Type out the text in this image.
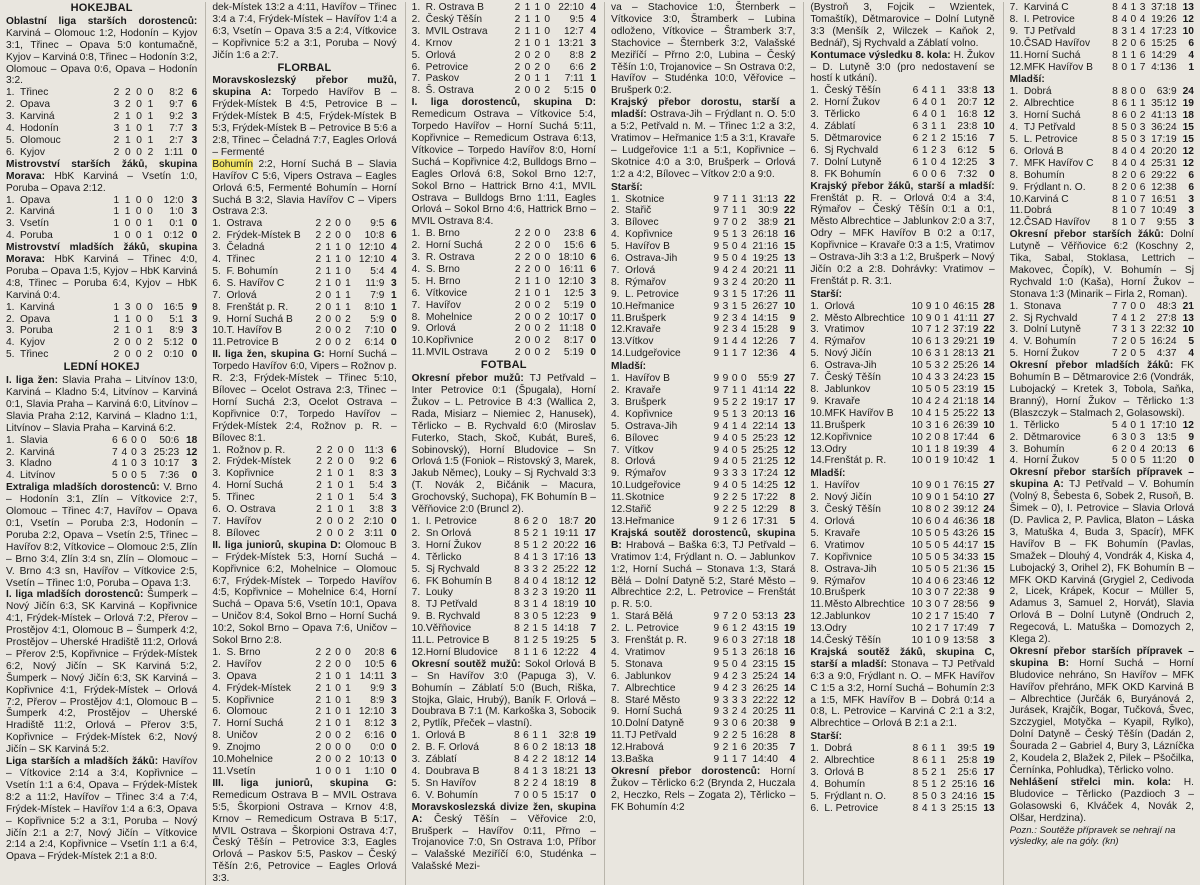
HOKEJBAL

Oblastní liga starších dorostenců: Karviná – Olomouc 1:2, Hodonín – Kyjov 3:1, Třinec – Opava 5:0 kontumačně, Kyjov – Karviná 0:8, Třinec – Hodonín 3:2, Olomouc – Opava 0:6, Opava – Hodonín 3:2.

1.	Třinec	2	2	0	0	8:2	6
2.	Opava	3	2	0	1	9:7	6
3.	Karviná	2	1	0	1	9:2	3
4.	Hodonín	3	1	0	1	7:7	3
5.	Olomouc	2	1	0	1	2:7	3
6.	Kyjov	2	0	0	2	1:11	0

Mistrovství starších žáků, skupina Morava: HbK Karviná – Vsetín 1:0, Poruba – Opava 2:12.

1.	Opava	1	1	0	0	12:0	3
2.	Karviná	1	1	0	0	1:0	3
3.	Vsetín	1	0	0	1	0:1	0
4.	Poruba	1	0	0	1	0:12	0

Mistrovství mladších žáků, skupina Morava: HbK Karviná – Třinec 4:0, Poruba – Opava 1:5, Kyjov – HbK Karviná 4:8, Třinec – Poruba 6:4, Kyjov – HbK Karviná 0:4.

1.	Karviná	1	3	0	0	16:5	9
2.	Opava	1	1	0	0	5:1	3
3.	Poruba	2	1	0	1	8:9	3
4.	Kyjov	2	0	0	2	5:12	0
5.	Třinec	2	0	0	2	0:10	0
LEDNÍ HOKEJ

I. liga žen: Slavia Praha – Litvínov 13:0, Karviná – Kladno 5:4, Litvínov – Karviná 0:1, Slavia Praha – Karviná 6:0, Litvínov – Slavia Praha 2:12, Karviná – Kladno 1:1, Litvínov – Slavia Praha – Karviná 6:2.

1.	Slavia	6	6	0	0	50:6	18
2.	Karviná	7	4	0	3	25:23	12
3.	Kladno	4	1	0	3	10:17	3
4.	Litvínov	5	0	0	5	7:36	0

Extraliga mladších dorostenců: V. Brno – Hodonín 3:1, Zlín – Vítkovice 2:7, Olomouc – Třinec 4:7, Havířov – Opava 0:1, Vsetín – Poruba 2:3, Hodonín – Poruba 2:2, Opava – Vsetín 2:5, Třinec – Havířov 8:2, Vítkovice – Olomouc 2:5, Zlín – Brno 3:4, Zlín 3:4 sn, Zlín – Olomouc – V. Brno 4:3 sn, Havířov – Vítkovice 2:5, Vsetín – Třinec 1:0, Poruba – Opava 1:3.

I. liga mladších dorostenců: Šumperk – Nový Jičín 6:3, SK Karviná – Kopřivnice 4:1, Frýdek-Místek – Orlová 7:2, Přerov – Prostějov 4:1, Olomouc B – Šumperk 4:2, Prostějov – Uherské Hradiště 11:2, Orlová – Přerov 2:5, Kopřivnice – Frýdek-Místek 6:2, Nový Jičín – SK Karviná 5:2, Šumperk – Nový Jičín 6:3, SK Karviná – Kopřivnice 4:1, Frýdek-Místek – Orlová 7:2, Přerov – Prostějov 4:1, Olomouc B – Šumperk 4:2, Prostějov – Uherské Hradiště 11:2, Orlová – Přerov 3:5, Kopřivnice – Frýdek-Místek 6:2, Nový Jičín – SK Karviná 5:2.

Liga starších a mladších žáků: Havířov – Vítkovice 2:14 a 3:4, Kopřivnice – Vsetín 1:1 a 6:4, Opava – Frýdek-Místek 8:2 a 11:2, Havířov – Třinec 3:4 a 7:4, Frýdek-Místek – Havířov 1:4 a 6:3, Opava – Kopřivnice 5:2 a 3:1, Poruba – Nový Jičín 2:1 a 2:7, Nový Jičín – Vítkovice 2:14 a 2:4, Kopřivnice – Vsetín 1:1 a 6:4, Opava – Frýdek-Místek 2:1 a 8:0.

dek-Místek 13:2 a 4:11, Havířov – Třinec 3:4 a 7:4, Frýdek-Místek – Havířov 1:4 a 6:3, Vsetín – Opava 3:5 a 2:4, Vítkovice – Kopřivnice 5:2 a 3:1, Poruba – Nový Jičín 1:6 a 2:7.

FLORBAL

Moravskoslezský přebor mužů, skupina A: Torpedo Havířov B – Frýdek-Místek B 4:5, Petrovice B – Frýdek-Místek B 4:5, Frýdek-Místek B 5:3, Frýdek-Místek B – Petrovice B 5:6 a 2:8, Třinec – Čeladná 7:7, Eagles Orlová – Fermenté

Bohumín 2:2, Horní Suchá B – Slavia Havířov C 5:6, Vipers Ostrava – Eagles Orlová 6:5, Fermenté Bohumín – Horní Suchá B 3:2, Slavia Havířov C – Vipers Ostrava 2:3.

1.	Ostrava	2	2	0	0	9:5	6
2.	Frýdek-Místek B	2	2	0	0	10:8	6
3.	Čeladná	2	1	1	0	12:10	4
4.	Třinec	2	1	1	0	12:10	4
5.	F. Bohumín	2	1	1	0	5:4	4
6.	S. Havířov C	2	1	0	1	11:9	3
7.	Orlová	2	0	1	1	7:9	1
8.	Frenštát p. R.	2	0	1	1	8:10	1
9.	Horní Suchá B	2	0	0	2	5:9	0
10.	T. Havířov B	2	0	0	2	7:10	0
11.	Petrovice B	2	0	0	2	6:14	0

II. liga žen, skupina G: Horní Suchá – Torpedo Havířov 6:0, Vipers – Rožnov p. R. 2:3, Frýdek-Místek – Třinec 5:10, Bílovec – Ocelot Ostrava 2:3, Třinec – Horní Suchá 2:3, Ocelot Ostrava – Kopřivnice 0:7, Torpedo Havířov – Frýdek-Místek 2:4, Rožnov p. R. – Bílovec 8:1.

1.	Rožnov p. R.	2	2	0	0	11:3	6
2.	Frýdek-Místek	2	2	0	0	9:2	6
3.	Kopřivnice	2	1	0	1	8:3	3
4.	Horní Suchá	2	1	0	1	5:4	3
5.	Třinec	2	1	0	1	5:4	3
6.	O. Ostrava	2	1	0	1	3:8	3
7.	Havířov	2	0	0	2	2:10	0
8.	Bílovec	2	0	0	2	3:11	0

II. liga juniorů, skupina D: Olomouc B – Frýdek-Místek 5:3, Horní Suchá – Kopřivnice 6:2, Mohelnice – Olomouc 6:7, Frýdek-Místek – Torpedo Havířov 4:5, Kopřivnice – Mohelnice 6:4, Horní Suchá – Opava 5:6, Vsetín 10:1, Opava – Uničov 8:4, Sokol Brno – Horní Suchá 10:2, Sokol Brno – Opava 7:6, Uničov – Sokol Brno 2:8.

1.	S. Brno	2	2	0	0	20:8	6
2.	Havířov	2	2	0	0	10:5	6
3.	Opava	2	1	0	1	14:11	3
4.	Frýdek-Místek	2	1	0	1	9:9	3
5.	Kopřivnice	2	1	0	1	8:9	3
6.	Olomouc	2	1	0	1	12:10	3
7.	Horní Suchá	2	1	0	1	8:12	3
8.	Uničov	2	0	0	2	6:16	0
9.	Znojmo	2	0	0	0	0:0	0
10.	Mohelnice	2	0	0	2	10:13	0
11.	Vsetín	1	0	0	1	1:10	0

III. liga juniorů, skupina G: Remedicum Ostrava B – MVIL Ostrava 5:5, Škorpioni Ostrava – Krnov 4:8, Krnov – Remedicum Ostrava B 5:17, MVIL Ostrava – Škorpioni Ostrava 4:7, Český Těšín – Petrovice 3:3, Eagles Orlová – Paskov 5:5, Paskov – Český Těšín 2:6, Petrovice – Eagles Orlová 3:3.

1.	R. Ostrava B	2	1	1	0	22:10	4
2.	Český Těšín	2	1	1	0	9:5	4
3.	MVIL Ostrava	2	1	1	0	12:7	4
4.	Krnov	2	1	0	1	13:21	3
5.	Orlová	2	0	2	0	8:8	2
6.	Petrovice	2	0	2	0	6:6	2
7.	Paskov	2	0	1	1	7:11	1
8.	Š. Ostrava	2	0	0	2	5:15	0

I. liga dorostenců, skupina D: Remedicum Ostrava – Vítkovice 5:4, Torpedo Havířov – Horní Suchá 5:11, Kopřivnice – Remedicum Ostrava 6:13, Vítkovice – Torpedo Havířov 8:0, Horní Suchá – Kopřivnice 4:2, Bulldogs Brno – Eagles Orlová 6:8, Sokol Brno 12:7, Sokol Brno – Hattrick Brno 4:1, MVIL Ostrava – Bulldogs Brno 1:11, Eagles Orlová – Sokol Brno 4:6, Hattrick Brno – MVIL Ostrava 8:4.

1.	B. Brno	2	2	0	0	23:8	6
2.	Horní Suchá	2	2	0	0	15:6	6
3.	R. Ostrava	2	2	0	0	18:10	6
4.	S. Brno	2	2	0	0	16:11	6
5.	H. Brno	2	1	1	0	12:10	3
6.	Vítkovice	2	1	0	1	12:5	3
7.	Havířov	2	0	0	2	5:19	0
8.	Mohelnice	2	0	0	2	10:17	0
9.	Orlová	2	0	0	2	11:18	0
10.	Kopřivnice	2	0	0	2	8:17	0
11.	MVIL Ostrava	2	0	0	2	5:19	0
FOTBAL

Okresní přebor mužů: TJ Petřvald – Inter Petrovice 0:1 (Špugala), Horní Žukov – L. Petrovice B 4:3 (Wallica 2, Rada, Misiarz – Niemiec 2, Hanusek), Těrlicko – B. Rychvald 6:0 (Miroslav Futerko, Stach, Skoč, Kubát, Bureš, Sobinovský), Horní Bludovice – Sn Orlová 1:5 (Foniok – Ristovský 3, Marek, Jakub Němec), Louky – Sj Rychvald 3:3 (T. Novák 2, Bičánik – Macura, Grochovský, Suchopa), FK Bohumín B – Věřňovice 2:0 (Bruncl 2).

1.	I. Petrovice	8	6	2	0	18:7	20
2.	Sn Orlová	8	5	2	1	19:11	17
3.	Horní Žukov	8	5	1	2	20:22	16
4.	Těrlicko	8	4	1	3	17:16	13
5.	Sj Rychvald	8	3	3	2	25:22	12
6.	FK Bohumín B	8	4	0	4	18:12	12
7.	Louky	8	3	2	3	19:20	11
8.	TJ Petřvald	8	3	1	4	18:19	10
9.	B. Rychvald	8	3	0	5	12:23	9
10.	Věřňovice	8	2	1	5	14:18	7
11.	L. Petrovice B	8	1	2	5	19:25	5
12.	Horní Bludovice	8	1	1	6	12:22	4

Okresní soutěž mužů: Sokol Orlová B – Sn Havířov 3:0 (Papuga 3), V. Bohumín – Záblatí 5:0 (Buch, Riška, Stojka, Glaic, Hrubý), Baník F. Orlová – Doubrava B 7:1 (M. Karkoška 3, Sobocik 2, Pytlík, Přeček – vlastní).

1.	Orlová B	8	6	1	1	32:8	19
2.	B. F. Orlová	8	6	0	2	18:13	18
3.	Záblatí	8	4	2	2	18:12	14
4.	Doubrava B	8	4	1	3	18:21	13
5.	Sn Havířov	8	2	2	4	18:19	8
6.	V. Bohumín	7	0	0	5	15:17	0

Moravskoslezská divize žen, skupina A: Český Těšín – Věřovice 2:0, Brušperk – Havířov 0:11, Přrno – Trojanovice 7:0, Sn Ostrava 1:0, Příbor – Valašské Meziříčí 6:0, Studénka – Valašské Mezi-

va – Stachovice 1:0, Šternberk – Vítkovice 3:0, Štramberk – Lubina odloženo, Vítkovice – Štramberk 3:7, Stachovice – Šternberk 3:2, Valašské Meziříčí – Přrno 2:0, Lubina – Český Těšín 1:0, Trojanovice – Sn Ostrava 0:2, Havířov – Studénka 10:0, Věřovice – Brušperk 0:2.

Krajský přebor dorostu, starší a mladší: Ostrava-Jih – Frýdlant n. O. 5:0 a 5:2, Petřvald n. M. – Třinec 1:2 a 3:2, Vratimov – Heřmanice 1:5 a 3:1, Kravaře – Ludgeřovice 1:1 a 5:1, Kopřivnice – Skotnice 4:0 a 3:0, Brušperk – Orlová 1:2 a 4:2, Bílovec – Vítkov 2:0 a 9:0.

Starší:
1.	Skotnice	9	7	1	1	31:13	22
2.	Stařič	9	7	1	1	30:9	22
3.	Bílovec	9	7	0	2	38:9	21
4.	Kopřivnice	9	5	1	3	26:18	16
5.	Havířov B	9	5	0	4	21:16	15
6.	Ostrava-Jih	9	5	0	4	19:25	13
7.	Orlová	9	4	2	4	20:21	11
8.	Rýmařov	9	3	2	4	20:20	11
9.	L. Petrovice	9	3	1	5	17:26	11
10.	Heřmanice	9	3	1	5	26:27	10
11.	Brušperk	9	2	3	4	14:15	9
12.	Kravaře	9	2	3	4	15:28	9
13.	Vítkov	9	1	4	4	12:26	7
14.	Ludgeřovice	9	1	1	7	12:36	4
Mladší:
1.	Havířov B	9	9	0	0	55:9	27
2.	Kravaře	9	7	1	1	41:14	22
3.	Brušperk	9	5	2	2	19:17	17
4.	Kopřivnice	9	5	1	3	20:13	16
5.	Ostrava-Jih	9	4	1	4	22:14	13
6.	Bílovec	9	4	0	5	25:23	12
7.	Vítkov	9	4	0	5	25:25	12
8.	Orlová	9	4	0	5	21:25	12
9.	Rýmařov	9	3	3	3	17:24	12
10.	Ludgeřovice	9	4	0	5	14:25	12
11.	Skotnice	9	2	2	5	17:22	8
12.	Stařič	9	2	2	5	12:29	8
13.	Heřmanice	9	1	2	6	17:31	5

Krajská soutěž dorostenců, skupina B: Hrabová – Baška 6:3, TJ Petřvald – Vratimov 1:4, Frýdlant n. O. – Jablunkov 1:2, Horní Suchá – Stonava 1:3, Stará Bělá – Dolní Datyně 5:2, Staré Město – Albrechtice 2:2, L. Petrovice – Frenštát p. R. 5:0.

1.	Stará Bělá	9	7	2	0	53:13	23
2.	L. Petrovice	9	6	1	2	43:15	19
3.	Frenštát p. R.	9	6	0	3	27:18	18
4.	Vratimov	9	5	1	3	26:18	16
5.	Stonava	9	5	0	4	23:15	15
6.	Jablunkov	9	4	2	3	25:24	14
7.	Albrechtice	9	4	2	3	26:25	14
8.	Staré Město	9	3	3	3	22:22	12
9.	Horní Suchá	9	3	2	4	20:25	11
10.	Dolní Datyně	9	3	0	6	20:38	9
11.	TJ Petřvald	9	2	2	5	16:28	8
12.	Hrabová	9	2	1	6	20:35	7
13.	Baška	9	1	1	7	14:40	4

Okresní přebor dorostenců: Horní Žukov – Těrlicko 6:2 (Brynda 2, Huczala 2, Heczko, Rels – Zogata 2), Těrlicko – FK Bohumín 4:2

(Bystroň 3, Fojcik – Wzientek, Tomaštík), Dětmarovice – Dolní Lutyně 3:3 (Menšík 2, Wilczek – Kaňok 2, Bednář), Sj Rychvald a Záblatí volno.

Kontumace výsledku 8. kola: H. Žukov – D. Lutyně 3:0 (pro nedostavení se hostí k utkání).

1.	Český Těšín	6	4	1	1	33:8	13
2.	Horní Žukov	6	4	0	1	20:7	12
3.	Těrlicko	6	4	0	1	16:8	12
4.	Záblatí	6	3	1	1	23:8	10
5.	Dětmarovice	6	2	1	2	15:16	7
6.	Sj Rychvald	6	1	2	3	6:12	5
7.	Dolní Lutyně	6	1	0	4	12:25	3
8.	FK Bohumín	6	0	0	6	7:32	0

Krajský přebor žáků, starší a mladší: Frenštát p. R. – Orlová 0:4 a 3:4, Rýmařov – Český Těšín 0:1 a 0:1, Město Albrechtice – Jablunkov 2:0 a 3:7, Odry – MFK Havířov B 0:2 a 0:17, Kopřivnice – Kravaře 0:3 a 1:5, Vratimov – Ostrava-Jih 3:3 a 1:2, Brušperk – Nový Jičín 0:2 a 2:8. Dohrávky: Vratimov – Frenštát p. R. 3:1.

Starší:
1.	Orlová	10	9	1	0	46:15	28
2.	Město Albrechtice	10	9	0	1	41:11	27
3.	Vratimov	10	7	1	2	37:19	22
4.	Rýmařov	10	6	1	3	29:21	19
5.	Nový Jičín	10	6	3	1	28:13	21
6.	Ostrava-Jih	10	5	3	2	25:26	14
7.	Český Těšín	10	4	3	3	24:23	15
8.	Jablunkov	10	5	0	5	23:19	15
9.	Kravaře	10	4	2	4	21:18	14
10.	MFK Havířov B	10	4	1	5	25:22	13
11.	Brušperk	10	3	1	6	26:39	10
12.	Kopřivnice	10	2	0	8	17:44	6
13.	Odry	10	1	1	8	19:39	4
14.	Frenštát p. R.	10	0	1	9	10:42	1
Mladší:
1.	Havířov	10	9	0	1	76:15	27
2.	Nový Jičín	10	9	0	1	54:10	27
3.	Český Těšín	10	8	0	2	39:12	24
4.	Orlová	10	6	0	4	46:36	18
5.	Kravaře	10	5	0	5	43:26	15
6.	Vratimov	10	5	0	5	44:17	15
7.	Kopřivnice	10	5	0	5	34:33	15
8.	Ostrava-Jih	10	5	0	5	21:36	15
9.	Rýmařov	10	4	0	6	23:46	12
10.	Brušperk	10	3	0	7	22:38	9
11.	Město Albrechtice	10	3	0	7	28:56	9
12.	Jablunkov	10	2	1	7	15:40	7
13.	Odry	10	2	1	7	17:49	7
14.	Český Těšín	10	1	0	9	13:58	3

Krajská soutěž žáků, skupina C, starší a mladší: Stonava – TJ Petřvald 6:3 a 9:0, Frýdlant n. O. – MFK Havířov C 1:5 a 3:2, Horní Suchá – Bohumín 2:3 a 1:5, MFK Havířov B – Dobrá 0:14 a 0:8, L. Petrovice – Karviná C 2:1 a 3:2, Albrechtice – Orlová B 2:1 a 2:1.

Starší:
1.	Dobrá	8	6	1	1	39:5	19
2.	Albrechtice	8	6	1	1	25:8	19
3.	Orlová B	8	5	2	1	25:6	17
4.	Bohumín	8	5	1	2	25:16	16
5.	Frýdlant n. O.	8	5	0	3	24:16	15
6.	L. Petrovice	8	4	1	3	25:15	13
7.	Karviná C	8	4	1	3	37:18	13
8.	I. Petrovice	8	4	0	4	19:26	12
9.	TJ Petřvald	8	3	1	4	17:23	10
10.	ČSAD Havířov	8	2	0	6	15:25	6
11.	Horní Suchá	8	1	1	6	14:29	4
12.	MFK Havířov B	8	0	1	7	4:136	1
Mladší:
1.	Dobrá	8	8	0	0	63:9	24
2.	Albrechtice	8	6	1	1	35:12	19
3.	Horní Suchá	8	6	0	2	41:13	18
4.	TJ Petřvald	8	5	0	3	36:24	15
5.	L. Petrovice	8	5	0	3	17:19	15
6.	Orlová B	8	4	0	4	20:20	12
7.	MFK Havířov C	8	4	0	4	25:31	12
8.	Bohumín	8	2	0	6	29:22	6
9.	Frýdlant n. O.	8	2	0	6	12:38	6
10.	Karviná C	8	1	0	7	16:51	3
11.	Dobrá	8	1	0	7	10:49	3
12.	ČSAD Havířov	8	1	0	7	9:55	3

Okresní přebor starších žáků: Dolní Lutyně – Věřňovice 6:2 (Koschny 2, Tika, Sabal, Stoklasa, Lettrich – Makovec, Čopík), V. Bohumín – Sj Rychvald 1:0 (Kaša), Horní Žukov – Stonava 1:3 (Minarik – Firla 2, Roman).

1.	Stonava	7	7	0	0	48:3	21
2.	Sj Rychvald	7	4	1	2	27:8	13
3.	Dolní Lutyně	7	3	1	3	22:32	10
4.	V. Bohumín	7	2	0	5	16:24	5
5.	Horní Žukov	7	2	0	5	4:37	4

Okresní přebor mladších žáků: FK Bohumín B – Dětmarovice 2:6 (Vondrák, Lubojacký – Kretek 3, Tobola, Saňka, Branný), Horní Žukov – Těrlicko 1:3 (Blaszczyk – Stalmach 2, Golasowski).

1.	Těrlicko	5	4	0	1	17:10	12
2.	Dětmarovice	6	3	0	3	13:5	9
3.	Bohumín	6	2	0	4	20:13	6
4.	Horní Žukov	5	0	0	5	11:20	0

Okresní přebor starších přípravek – skupina A: TJ Petřvald – V. Bohumín (Volný 8, Šebesta 6, Sobek 2, Rusoň, B. Šimek – 0), I. Petrovice – Slavia Orlová (D. Pavlica 2, P. Pavlica, Blaton – Láska 3, Matuška 4, Buda 3, Spacír), MFK Havířov B – FK Bohumín (Pavlas, Smažek – Dlouhý 4, Vondrák 4, Kiska 4, Lubojacký 3, Orihel 2), FK Bohumín B – MFK OKD Karviná (Grygiel 2, Cedivoda 2, Licek, Krápek, Kocur – Müller 5, Adamus 3, Samuel 2, Horvát), Slavia Orlová B – Dolní Lutyně (Ondruch 2, Regecová, L. Matuška – Domozych 2, Klega 2).

Okresní přebor starších přípravek – skupina B: Horní Suchá – Horní Bludovice nehráno, Sn Havířov – MFK Havířov přehráno, MFK OKD Karviná B – Albrechtice (Jurčák 6, Buryánová 2, Jurásek, Krajčík, Bogar, Tučková, Švec, Szczygiel, Motyčka – Kyapil, Rylko), Dolní Datyně – Český Těšín (Dadán 2, Šourada 2 – Gabriel 4, Bury 3, Lázníčka 2, Koudela 2, Blažek 2, Pilek – Pšočilka, Černínka, Pohludka), Těrlicko volno.

Nehlášení střelci min. kola: H. Bludovice – Těrlicko (Pazdioch 3 – Golasowski 6, Klváček 4, Novák 2, Olšar, Herdzina).

Pozn.: Soutěže přípravek se nehrají na výsledky, ale na góly. (kn)
